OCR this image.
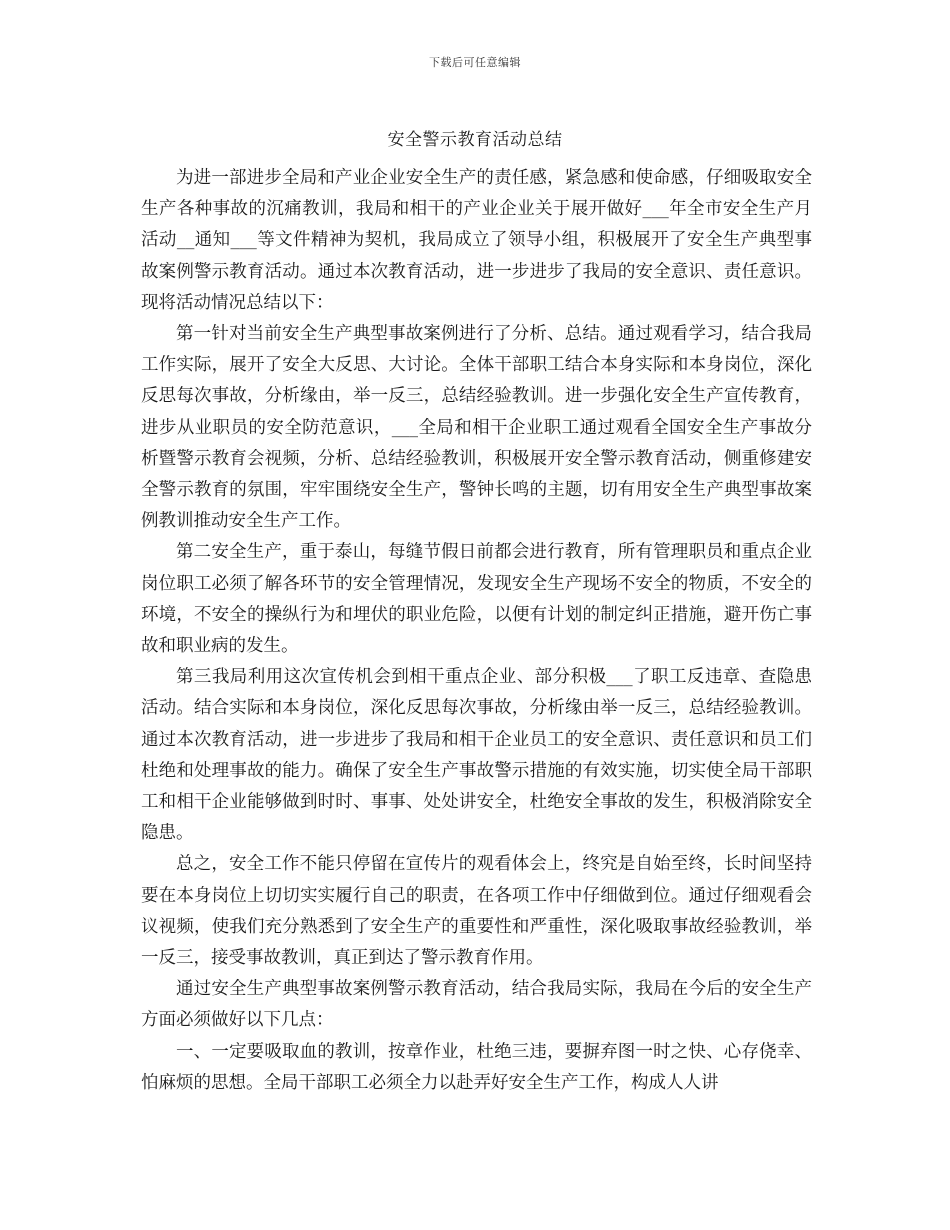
下载后可任意编辑
安全警示教育活动总结

为进一部进步全局和产业企业安全生产的责任感，紧急感和使命感，仔细吸取安全生产各种事故的沉痛教训，我局和相干的产业企业关于展开做好___年全市安全生产月活动__通知___等文件精神为契机，我局成立了领导小组，积极展开了安全生产典型事故案例警示教育活动。通过本次教育活动，进一步进步了我局的安全意识、责任意识。现将活动情况总结以下：

第一针对当前安全生产典型事故案例进行了分析、总结。通过观看学习，结合我局工作实际，展开了安全大反思、大讨论。全体干部职工结合本身实际和本身岗位，深化反思每次事故，分析缘由，举一反三，总结经验教训。进一步强化安全生产宣传教育，进步从业职员的安全防范意识，___全局和相干企业职工通过观看全国安全生产事故分析暨警示教育会视频，分析、总结经验教训，积极展开安全警示教育活动，侧重修建安全警示教育的氛围，牢牢围绕安全生产，警钟长鸣的主题，切有用安全生产典型事故案例教训推动安全生产工作。

第二安全生产，重于泰山，每缝节假日前都会进行教育，所有管理职员和重点企业岗位职工必须了解各环节的安全管理情况，发现安全生产现场不安全的物质，不安全的环境，不安全的操纵行为和埋伏的职业危险，以便有计划的制定纠正措施，避开伤亡事故和职业病的发生。

第三我局利用这次宣传机会到相干重点企业、部分积极___了职工反违章、查隐患活动。结合实际和本身岗位，深化反思每次事故，分析缘由举一反三，总结经验教训。通过本次教育活动，进一步进步了我局和相干企业员工的安全意识、责任意识和员工们杜绝和处理事故的能力。确保了安全生产事故警示措施的有效实施，切实使全局干部职工和相干企业能够做到时时、事事、处处讲安全，杜绝安全事故的发生，积极消除安全隐患。

总之，安全工作不能只停留在宣传片的观看体会上，终究是自始至终，长时间坚持要在本身岗位上切切实实履行自己的职责，在各项工作中仔细做到位。通过仔细观看会议视频，使我们充分熟悉到了安全生产的重要性和严重性，深化吸取事故经验教训，举一反三，接受事故教训，真正到达了警示教育作用。

通过安全生产典型事故案例警示教育活动，结合我局实际，我局在今后的安全生产方面必须做好以下几点：

一、一定要吸取血的教训，按章作业，杜绝三违，要摒弃图一时之快、心存侥幸、怕麻烦的思想。全局干部职工必须全力以赴弄好安全生产工作，构成人人讲
